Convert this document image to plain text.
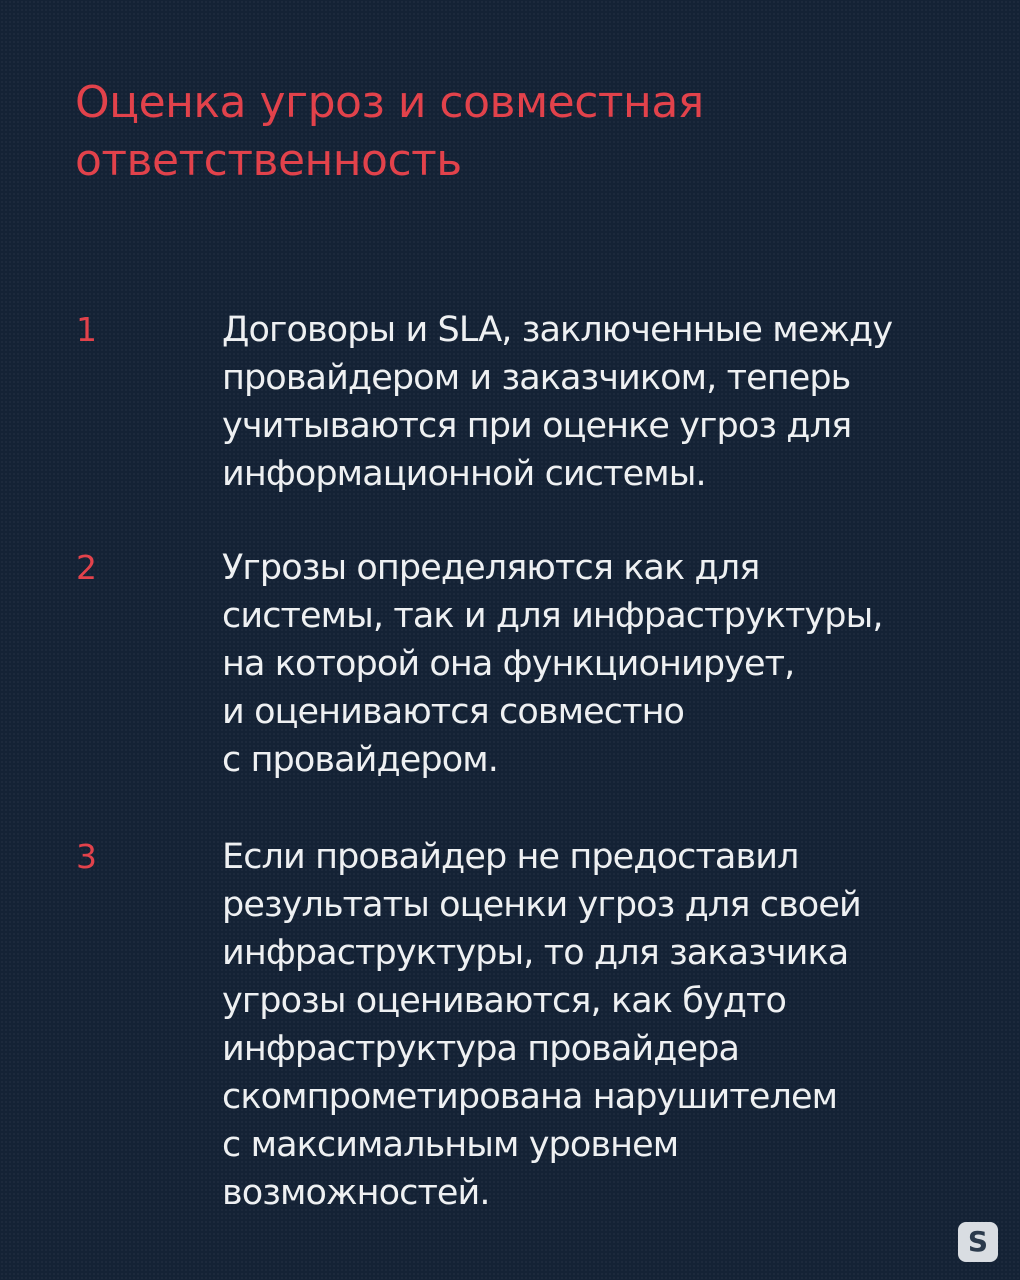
Оценка угроз и совместная
ответственность
1	Договоры и SLA, заключенные между
провайдером и заказчиком, теперь
учитываются при оценке угроз для
информационной системы.

2	Угрозы определяются как для
системы, так и для инфраструктуры,
на которой она функционирует,
и оцениваются совместно
с провайдером.

3	Если провайдер не предоставил
результаты оценки угроз для своей
инфраструктуры, то для заказчика
угрозы оцениваются, как будто
инфраструктура провайдера
скомпрометирована нарушителем
с максимальным уровнем
возможностей.

S
